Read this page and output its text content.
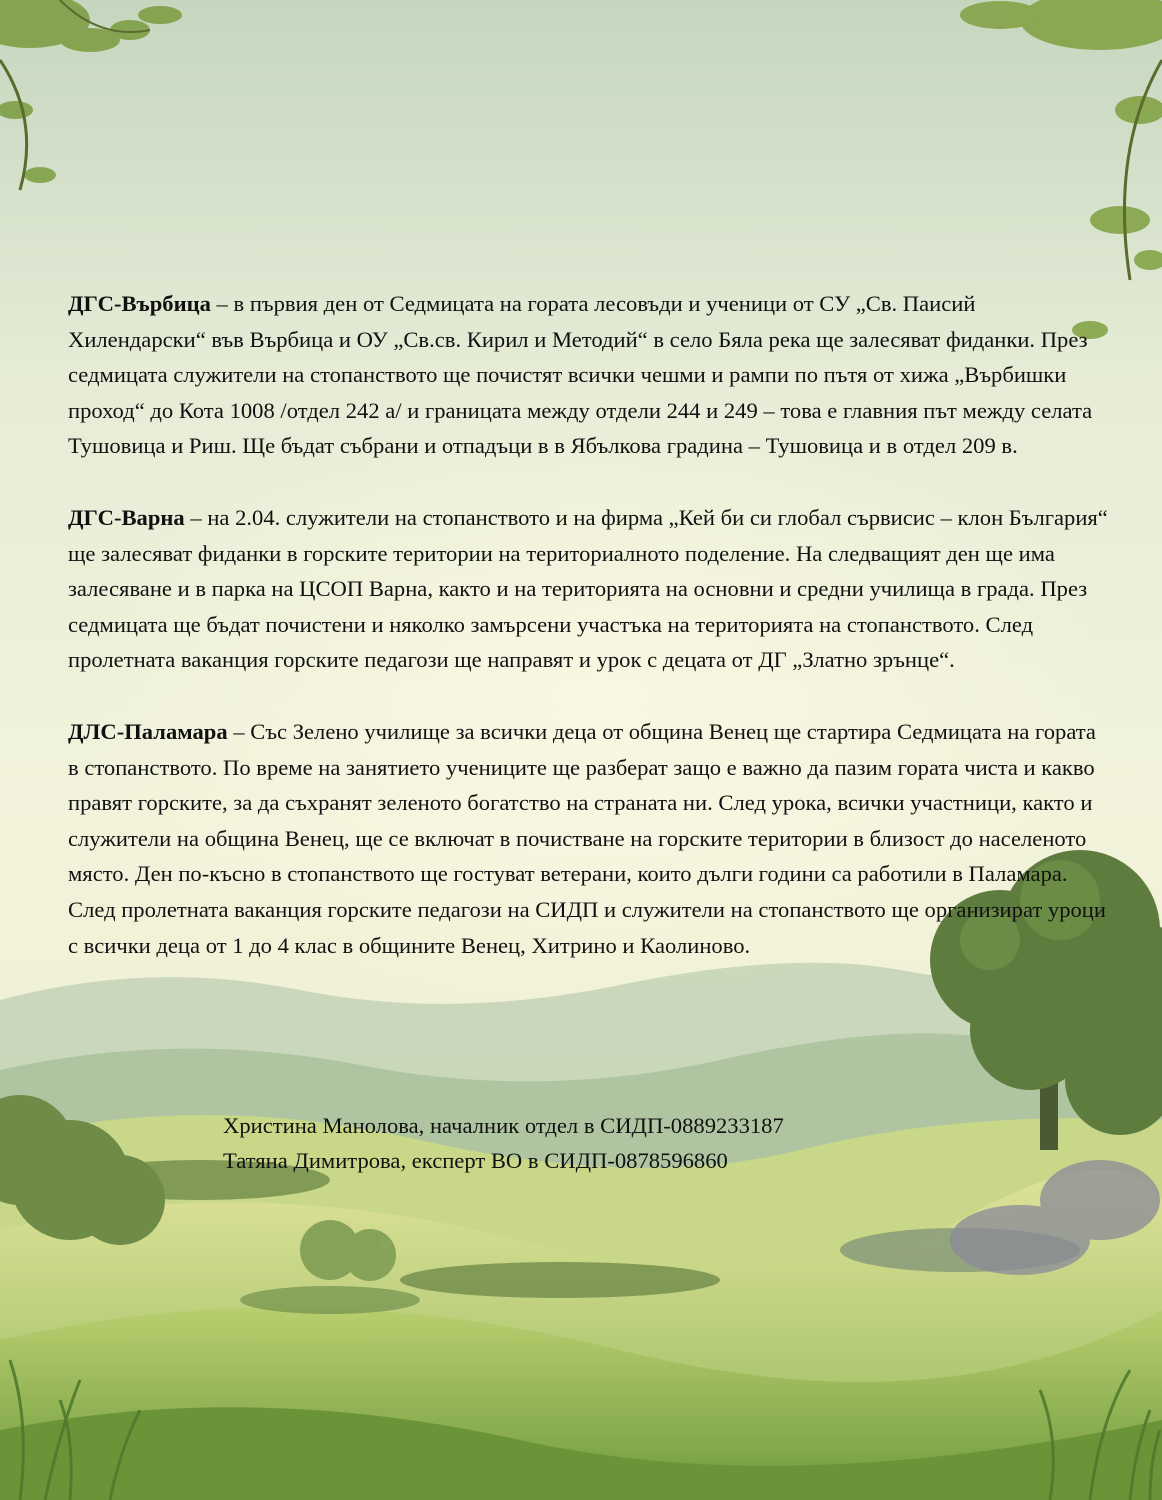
ДГС-Върбица – в първия ден от Седмицата на гората лесовъди и ученици от СУ „Св. Паисий Хилендарски“ във Върбица и ОУ „Св.св. Кирил и Методий“ в село Бяла река ще залесяват фиданки. През седмицата служители на стопанството ще почистят всички чешми и рампи по пътя от хижа „Върбишки проход“ до Кота 1008 /отдел 242 а/ и границата между отдели 244 и 249 – това е главния път между селата Тушовица и Риш. Ще бъдат събрани и отпадъци в в Ябълкова градина – Тушовица и в отдел 209 в.

ДГС-Варна – на 2.04. служители на стопанството и на фирма „Кей би си глобал сървисис – клон България“ ще залесяват фиданки в горските територии на териториалното поделение. На следващият ден ще има залесяване и в парка на ЦСОП Варна, както и на територията на основни и средни училища в града. През седмицата ще бъдат почистени и няколко замърсени участъка на територията на стопанството. След пролетната ваканция горските педагози ще направят и урок с децата от ДГ „Златно зрънце“.

ДЛС-Паламара – Със Зелено училище за всички деца от община Венец ще стартира Седмицата на гората в стопанството. По време на занятието учениците ще разберат защо е важно да пазим гората чиста и какво правят горските, за да съхранят зеленото богатство на страната ни. След урока, всички участници, както и служители на община Венец, ще се включат в почистване на горските територии в близост до населеното място. Ден по-късно в стопанството ще гостуват ветерани, които дълги години са работили в Паламара. След пролетната ваканция горските педагози на СИДП и служители на стопанството ще организират уроци с всички деца от 1 до 4 клас в общините Венец, Хитрино и Каолиново.

Христина Манолова, началник отдел в СИДП-0889233187
Татяна Димитрова, експерт ВО в СИДП-0878596860
